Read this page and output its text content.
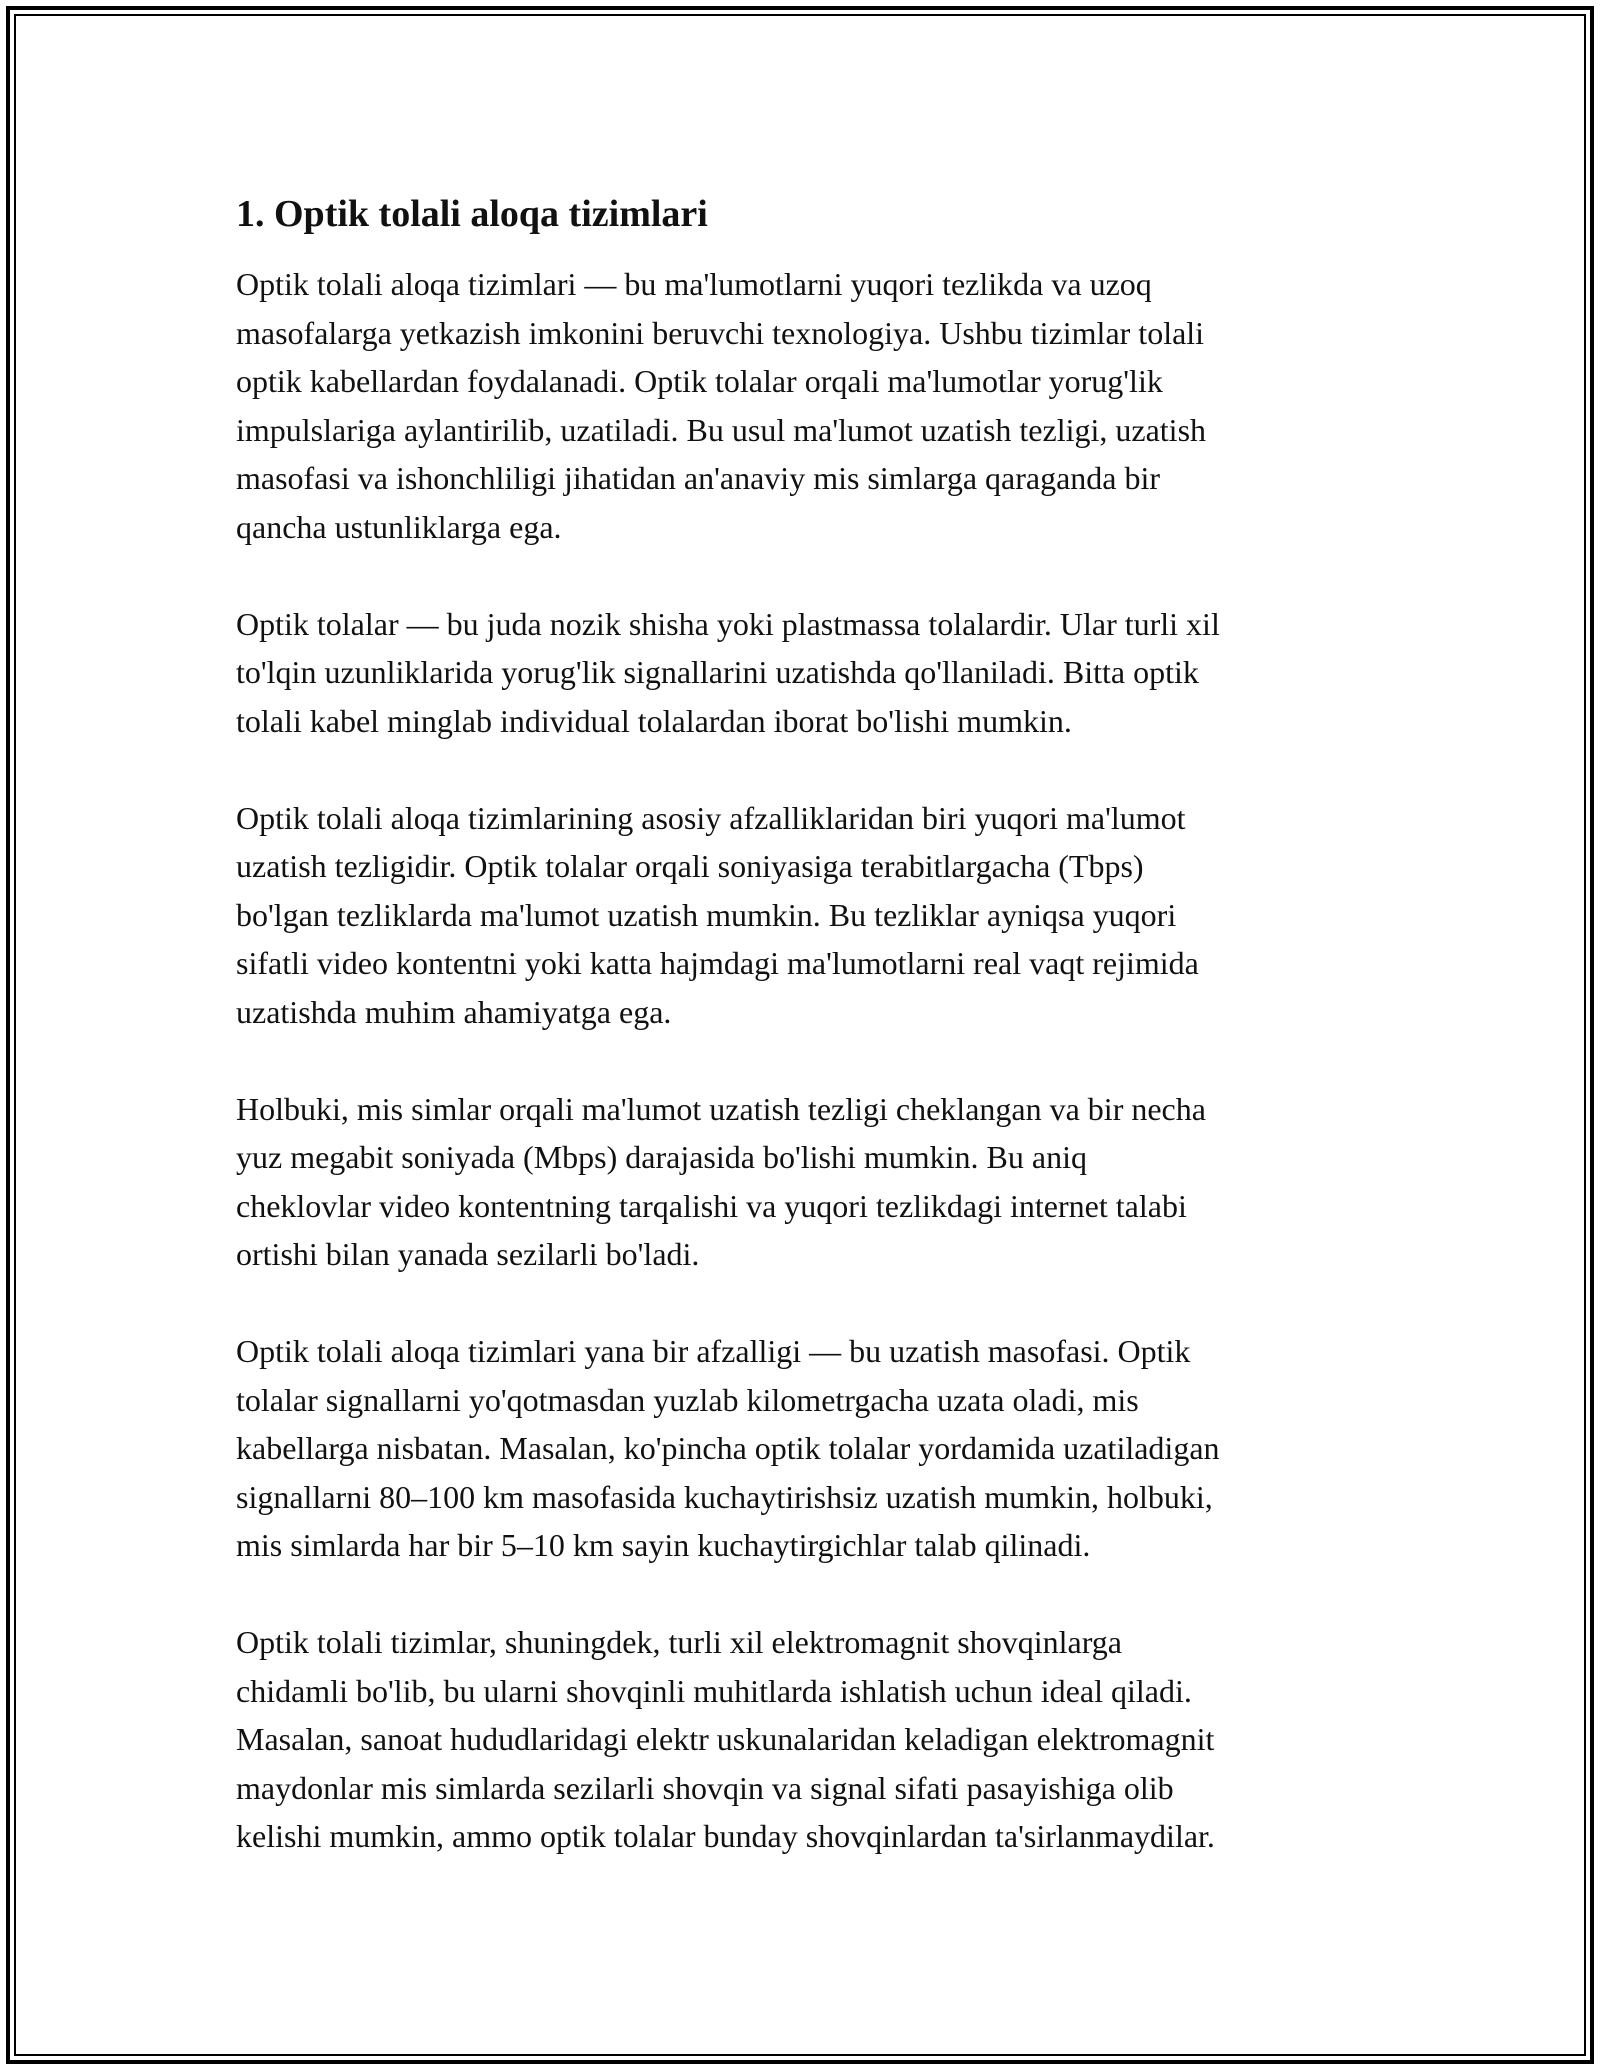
1. Optik tolali aloqa tizimlari

Optik tolali aloqa tizimlari — bu ma'lumotlarni yuqori tezlikda va uzoq
masofalarga yetkazish imkonini beruvchi texnologiya. Ushbu tizimlar tolali
optik kabellardan foydalanadi. Optik tolalar orqali ma'lumotlar yorug'lik
impulslariga aylantirilib, uzatiladi. Bu usul ma'lumot uzatish tezligi, uzatish
masofasi va ishonchliligi jihatidan an'anaviy mis simlarga qaraganda bir
qancha ustunliklarga ega.

Optik tolalar — bu juda nozik shisha yoki plastmassa tolalardir. Ular turli xil
to'lqin uzunliklarida yorug'lik signallarini uzatishda qo'llaniladi. Bitta optik
tolali kabel minglab individual tolalardan iborat bo'lishi mumkin.

Optik tolali aloqa tizimlarining asosiy afzalliklaridan biri yuqori ma'lumot
uzatish tezligidir. Optik tolalar orqali soniyasiga terabitlargacha (Tbps)
bo'lgan tezliklarda ma'lumot uzatish mumkin. Bu tezliklar ayniqsa yuqori
sifatli video kontentni yoki katta hajmdagi ma'lumotlarni real vaqt rejimida
uzatishda muhim ahamiyatga ega.

Holbuki, mis simlar orqali ma'lumot uzatish tezligi cheklangan va bir necha
yuz megabit soniyada (Mbps) darajasida bo'lishi mumkin. Bu aniq
cheklovlar video kontentning tarqalishi va yuqori tezlikdagi internet talabi
ortishi bilan yanada sezilarli bo'ladi.

Optik tolali aloqa tizimlari yana bir afzalligi — bu uzatish masofasi. Optik
tolalar signallarni yo'qotmasdan yuzlab kilometrgacha uzata oladi, mis
kabellarga nisbatan. Masalan, ko'pincha optik tolalar yordamida uzatiladigan
signallarni 80–100 km masofasida kuchaytirishsiz uzatish mumkin, holbuki,
mis simlarda har bir 5–10 km sayin kuchaytirgichlar talab qilinadi.

Optik tolali tizimlar, shuningdek, turli xil elektromagnit shovqinlarga
chidamli bo'lib, bu ularni shovqinli muhitlarda ishlatish uchun ideal qiladi.
Masalan, sanoat hududlaridagi elektr uskunalaridan keladigan elektromagnit
maydonlar mis simlarda sezilarli shovqin va signal sifati pasayishiga olib
kelishi mumkin, ammo optik tolalar bunday shovqinlardan ta'sirlanmaydilar.
